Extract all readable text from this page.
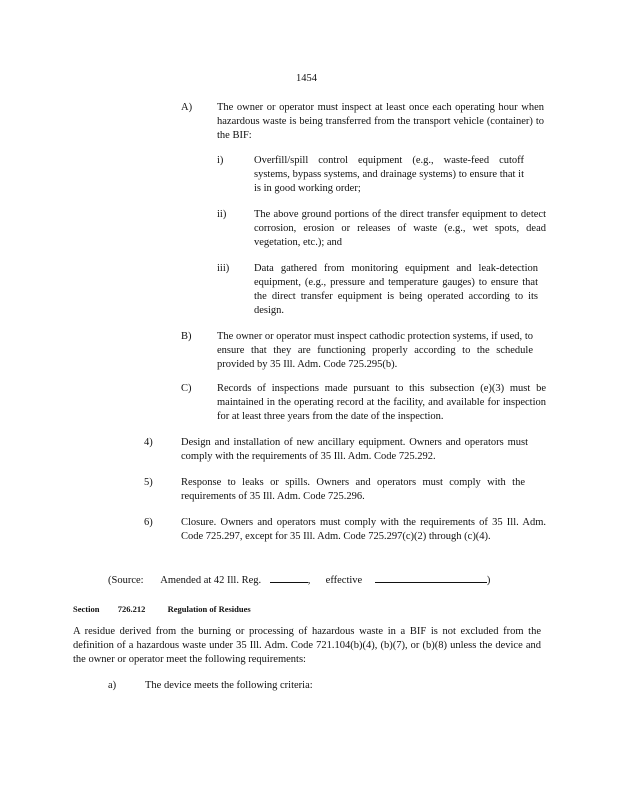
1454
A)	The owner or operator must inspect at least once each operating hour when hazardous waste is being transferred from the transport vehicle (container) to the BIF:
i)	Overfill/spill control equipment (e.g., waste-feed cutoff systems, bypass systems, and drainage systems) to ensure that it is in good working order;
ii)	The above ground portions of the direct transfer equipment to detect corrosion, erosion or releases of waste (e.g., wet spots, dead vegetation, etc.); and
iii)	Data gathered from monitoring equipment and leak-detection equipment, (e.g., pressure and temperature gauges) to ensure that the direct transfer equipment is being operated according to its design.
B)	The owner or operator must inspect cathodic protection systems, if used, to ensure that they are functioning properly according to the schedule provided by 35 Ill. Adm. Code 725.295(b).
C)	Records of inspections made pursuant to this subsection (e)(3) must be maintained in the operating record at the facility, and available for inspection for at least three years from the date of the inspection.
4)	Design and installation of new ancillary equipment. Owners and operators must comply with the requirements of 35 Ill. Adm. Code 725.292.
5)	Response to leaks or spills. Owners and operators must comply with the requirements of 35 Ill. Adm. Code 725.296.
6)	Closure. Owners and operators must comply with the requirements of 35 Ill. Adm. Code 725.297, except for 35 Ill. Adm. Code 725.297(c)(2) through (c)(4).
(Source: Amended at 42 Ill. Reg.	, effective	)
Section 726.212	Regulation of Residues
A residue derived from the burning or processing of hazardous waste in a BIF is not excluded from the definition of a hazardous waste under 35 Ill. Adm. Code 721.104(b)(4), (b)(7), or (b)(8) unless the device and the owner or operator meet the following requirements:
a)	The device meets the following criteria:
